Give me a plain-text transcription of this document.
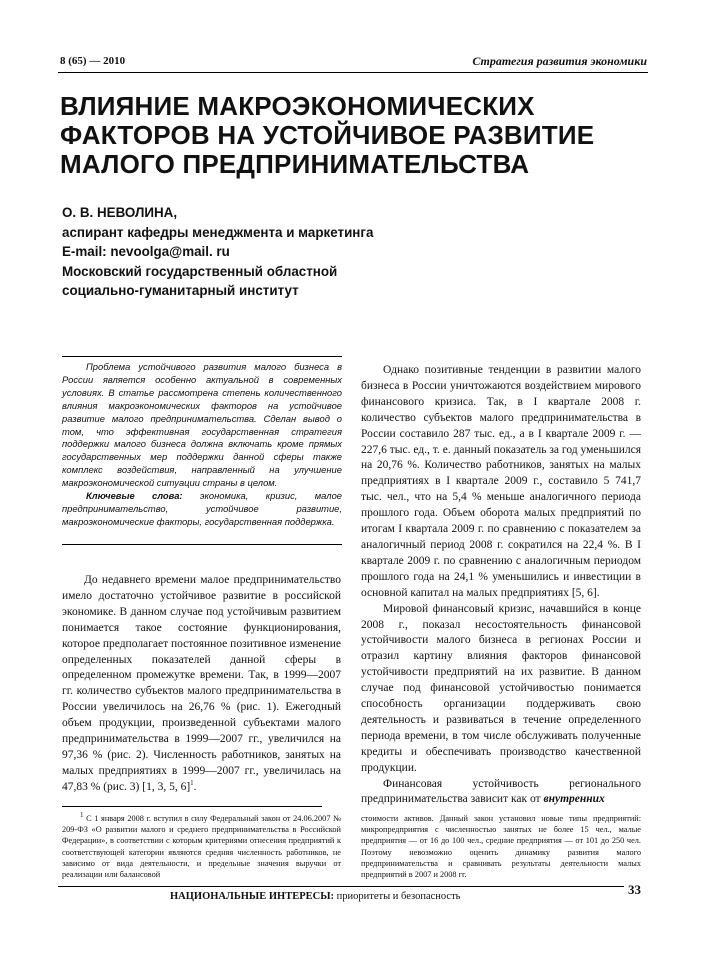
8 (65) — 2010	Стратегия развития экономики
ВЛИЯНИЕ МАКРОЭКОНОМИЧЕСКИХ
ФАКТОРОВ НА УСТОЙЧИВОЕ РАЗВИТИЕ
МАЛОГО ПРЕДПРИНИМАТЕЛЬСТВА
О. В. НЕВОЛИНА,
аспирант кафедры менеджмента и маркетинга
E-mail: nevoolga@mail. ru
Московский государственный областной
социально-гуманитарный институт

Проблема устойчивого развития малого бизнеса в России является особенно актуальной в современных условиях. В статье рассмотрена степень количественного влияния макроэкономических факторов на устойчивое развитие малого предпринимательства. Сделан вывод о том, что эффективная государственная стратегия поддержки малого бизнеса должна включать кроме прямых государственных мер поддержки данной сферы также комплекс воздействия, направленный на улучшение макроэкономической ситуации страны в целом.

Ключевые слова: экономика, кризис, малое предпринимательство, устойчивое развитие, макроэкономические факторы, государственная поддержка.

До недавнего времени малое предпринимательство имело достаточно устойчивое развитие в российской экономике. В данном случае под устойчивым развитием понимается такое состояние функционирования, которое предполагает постоянное позитивное изменение определенных показателей данной сферы в определенном промежутке времени. Так, в 1999—2007 гг. количество субъектов малого предпринимательства в России увеличилось на 26,76 % (рис. 1). Ежегодный объем продукции, произведенной субъектами малого предпринимательства в 1999—2007 гг., увеличился на 97,36 % (рис. 2). Численность работников, занятых на малых предприятиях в 1999—2007 гг., увеличилась на 47,83 % (рис. 3) [1, 3, 5, 6]$^1$.

Однако позитивные тенденции в развитии малого бизнеса в России уничтожаются воздействием мирового финансового кризиса. Так, в I квартале 2008 г. количество субъектов малого предпринимательства в России составило 287 тыс. ед., а в I квартале 2009 г. — 227,6 тыс. ед., т. е. данный показатель за год уменьшился на 20,76 %. Количество работников, занятых на малых предприятиях в I квартале 2009 г., составило 5 741,7 тыс. чел., что на 5,4 % меньше аналогичного периода прошлого года. Объем оборота малых предприятий по итогам I квартала 2009 г. по сравнению с показателем за аналогичный период 2008 г. сократился на 22,4 %. В I квартале 2009 г. по сравнению с аналогичным периодом прошлого года на 24,1 % уменьшились и инвестиции в основной капитал на малых предприятиях [5, 6].

Мировой финансовый кризис, начавшийся в конце 2008 г., показал несостоятельность финансовой устойчивости малого бизнеса в регионах России и отразил картину влияния факторов финансовой устойчивости предприятий на их развитие. В данном случае под финансовой устойчивостью понимается способность организации поддерживать свою деятельность и развиваться в течение определенного периода времени, в том числе обслуживать полученные кредиты и обеспечивать производство качественной продукции.

Финансовая устойчивость регионального предпринимательства зависит как от внутренних

$^1$ С 1 января 2008 г. вступил в силу Федеральный закон от 24.06.2007 № 209-ФЗ «О развитии малого и среднего предпринимательства в Российской Федерации», в соответствии с которым критериями отнесения предприятий к соответствующей категории являются средняя численность работников, не зависимо от вида деятельности, и предельные значения выручки от реализации или балансовой

стоимости активов. Данный закон установил новые типы предприятий: микропредприятия с численностью занятых не более 15 чел., малые предприятия — от 16 до 100 чел., средние предприятия — от 101 до 250 чел. Поэтому невозможно оценить динамику развития малого предпринимательства и сравнивать результаты деятельности малых предприятий в 2007 и 2008 гг.

НАЦИОНАЛЬНЫЕ ИНТЕРЕСЫ: приоритеты и безопасность	33
